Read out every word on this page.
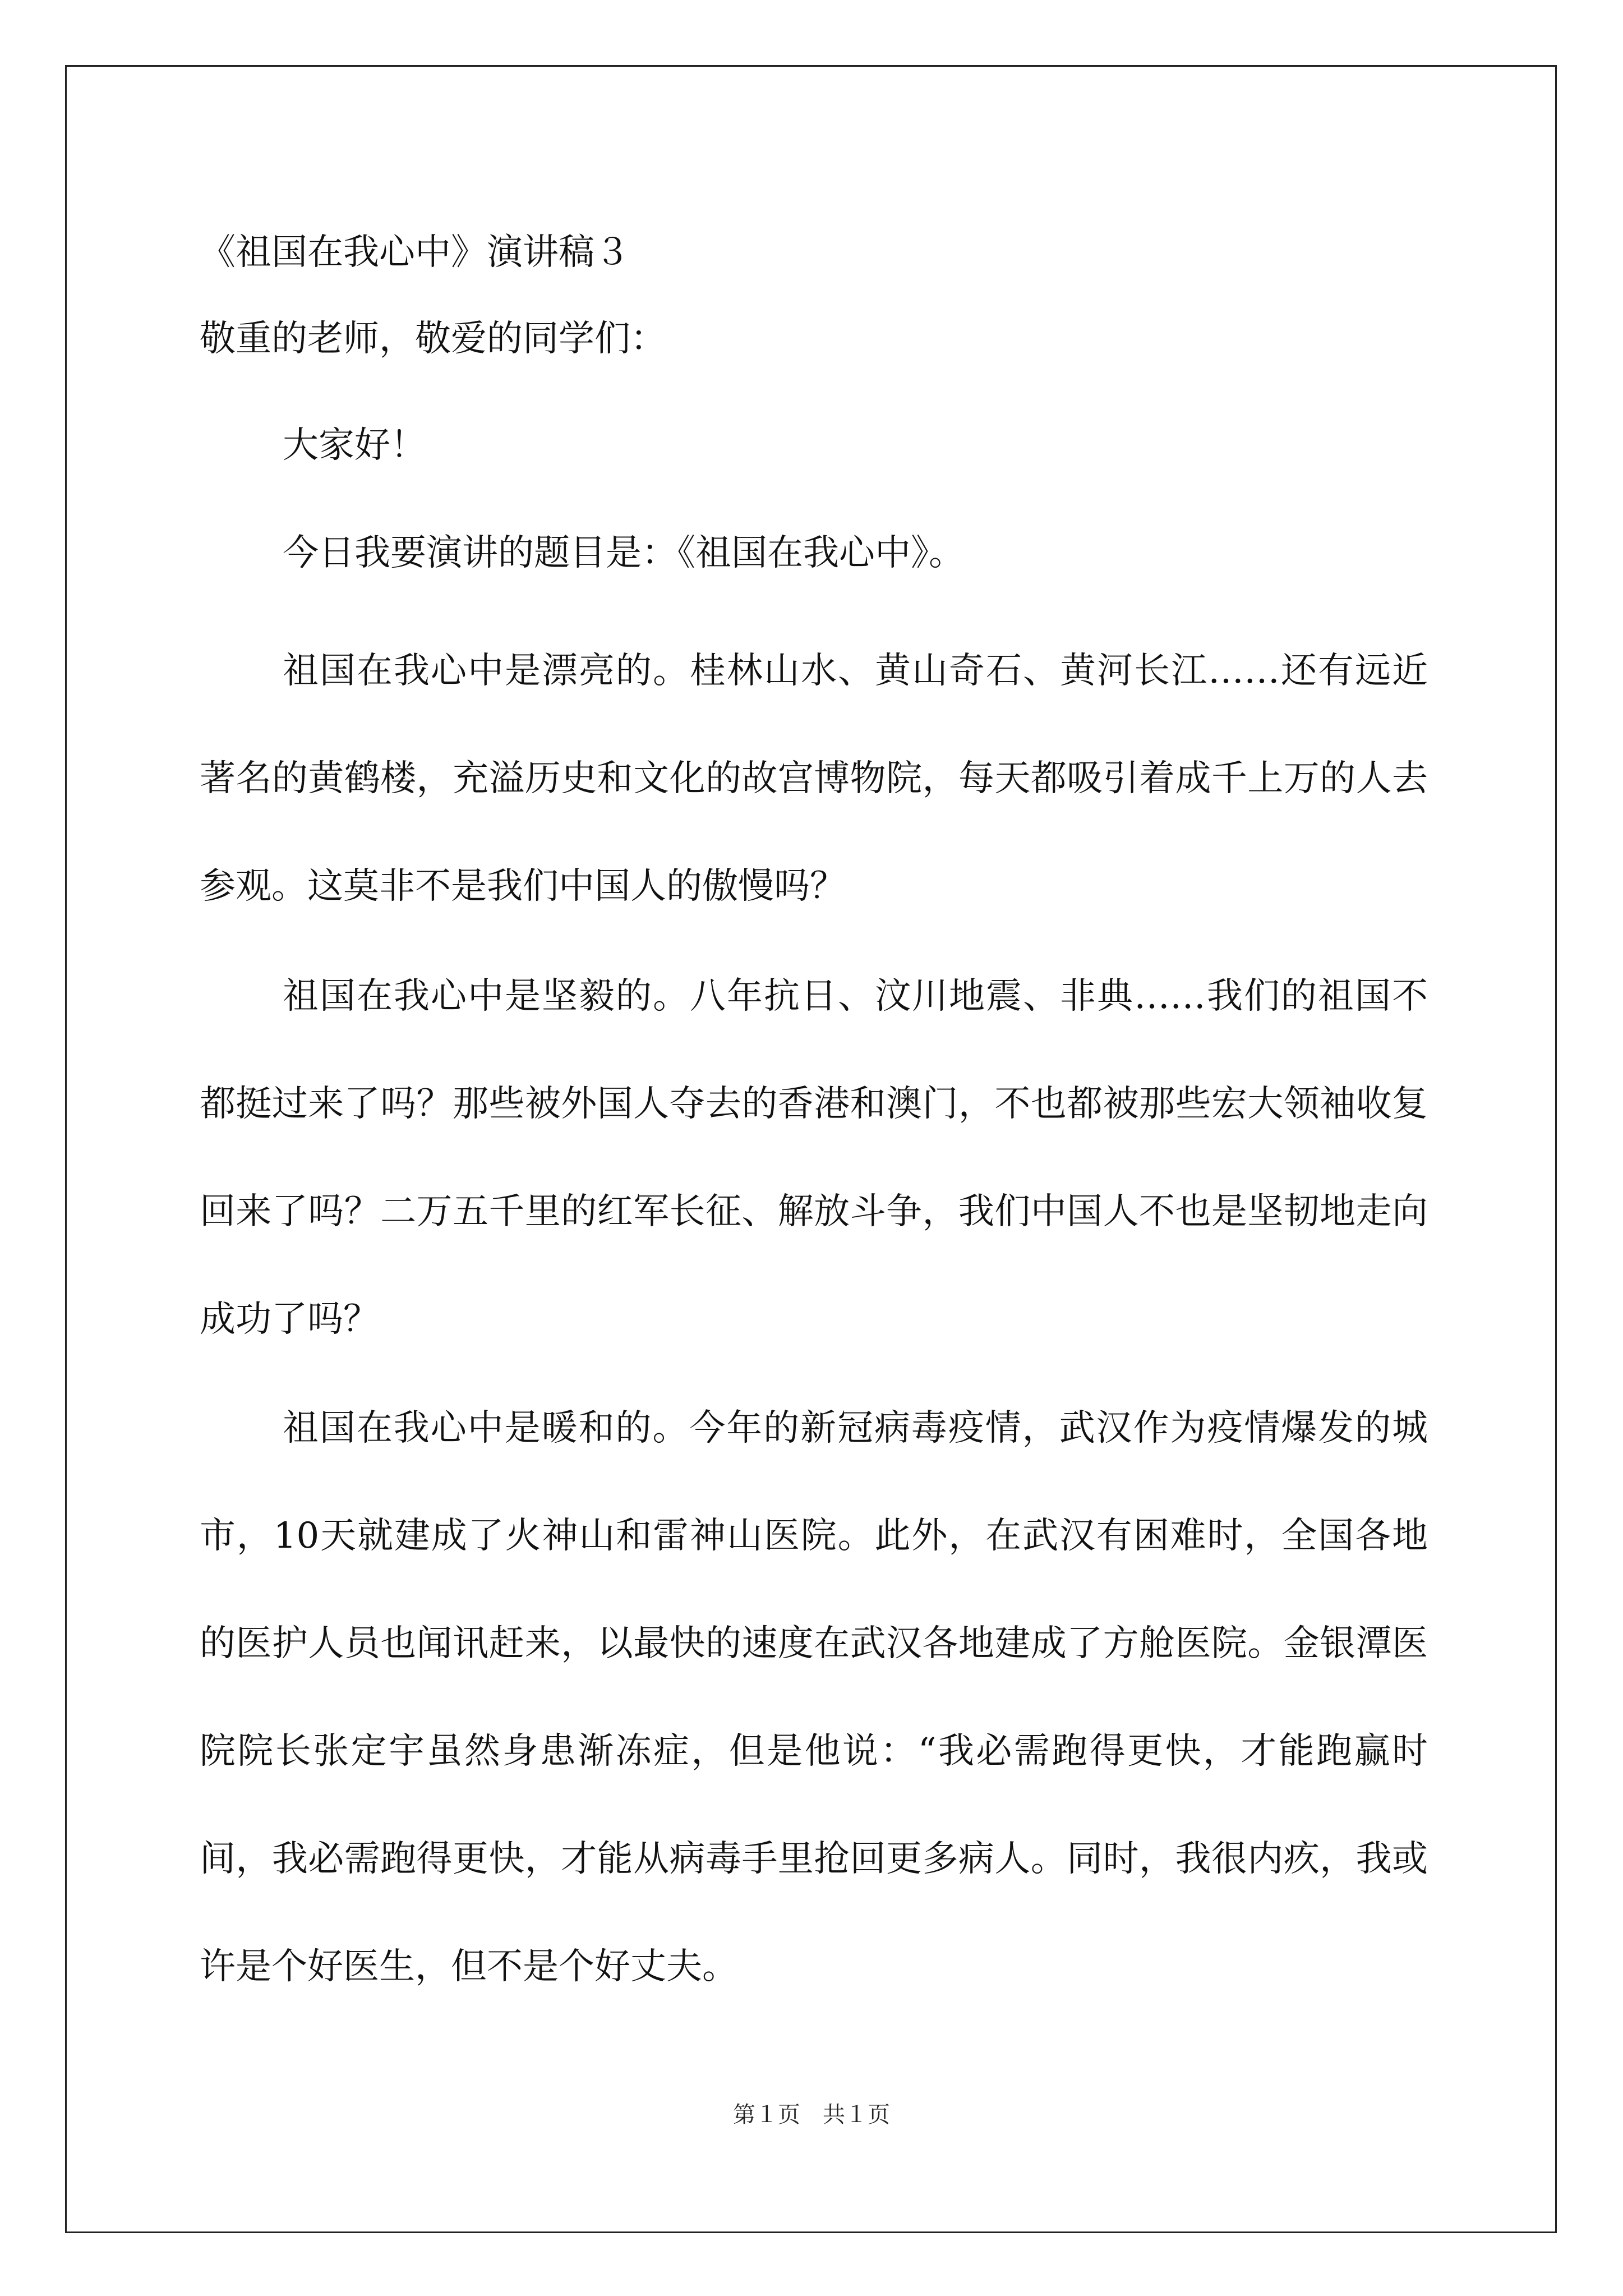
《祖国在我心中》演讲稿３
敬重的老师，敬爱的同学们：
大家好！
今日我要演讲的题目是：《祖国在我心中》。
祖国在我心中是漂亮的。桂林山水、黄山奇石、黄河长江……还有远近著名的黄鹤楼，充溢历史和文化的故宫博物院，每天都吸引着成千上万的人去参观。这莫非不是我们中国人的傲慢吗？
祖国在我心中是坚毅的。八年抗日、汶川地震、非典……我们的祖国不都挺过来了吗？那些被外国人夺去的香港和澳门，不也都被那些宏大领袖收复回来了吗？二万五千里的红军长征、解放斗争，我们中国人不也是坚韧地走向成功了吗？
祖国在我心中是暖和的。今年的新冠病毒疫情，武汉作为疫情爆发的城市，10天就建成了火神山和雷神山医院。此外，在武汉有困难时，全国各地的医护人员也闻讯赶来，以最快的速度在武汉各地建成了方舱医院。金银潭医院院长张定宇虽然身患渐冻症，但是他说：“我必需跑得更快，才能跑赢时间，我必需跑得更快，才能从病毒手里抢回更多病人。同时，我很内疚，我或许是个好医生，但不是个好丈夫。
第１页　共１页
